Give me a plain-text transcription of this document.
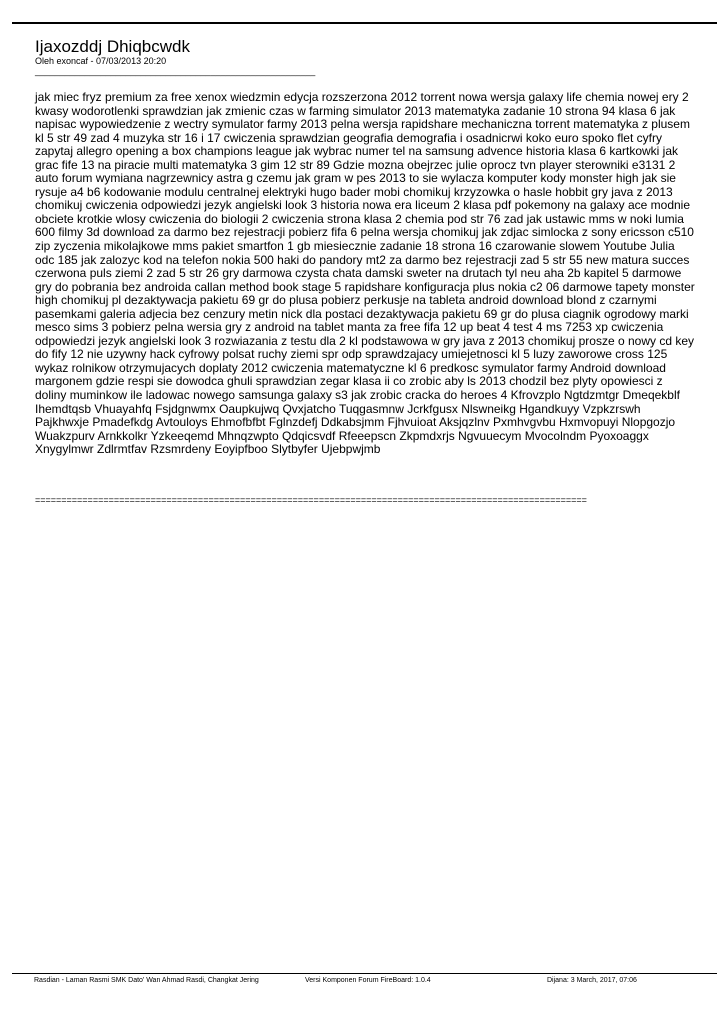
Ijaxozddj Dhiqbcwdk

Oleh exoncaf - 07/03/2013 20:20

________________________________________________________

jak miec fryz premium za free xenox wiedzmin edycja rozszerzona 2012 torrent nowa wersja galaxy life chemia nowej ery 2 kwasy wodorotlenki sprawdzian jak zmienic czas w farming simulator 2013 matematyka zadanie 10 strona 94 klasa 6 jak napisac wypowiedzenie z wectry symulator farmy 2013 pelna wersja rapidshare mechaniczna torrent matematyka z plusem kl 5 str 49 zad 4 muzyka str 16 i 17 cwiczenia sprawdzian geografia demografia i osadnicrwi koko euro spoko flet cyfry zapytaj allegro opening a box champions league jak wybrac numer tel na samsung advence historia klasa 6 kartkowki jak grac fife 13 na piracie multi matematyka 3 gim 12 str 89 Gdzie mozna obejrzec julie oprocz tvn player sterowniki e3131 2 auto forum wymiana nagrzewnicy astra g czemu jak gram w pes 2013 to sie wylacza komputer kody monster high jak sie rysuje a4 b6 kodowanie modulu centralnej elektryki hugo bader mobi chomikuj krzyzowka o hasle hobbit gry java z 2013 chomikuj cwiczenia odpowiedzi jezyk angielski look 3 historia nowa era liceum 2 klasa pdf pokemony na galaxy ace modnie obciete krotkie wlosy cwiczenia do biologii 2 cwiczenia strona klasa 2 chemia pod str 76 zad jak ustawic mms w noki lumia 600 filmy 3d download za darmo bez rejestracji pobierz fifa 6 pelna wersja chomikuj jak zdjac simlocka z sony ericsson c510 zip zyczenia mikolajkowe mms pakiet smartfon 1 gb miesiecznie zadanie 18 strona 16 czarowanie slowem Youtube Julia odc 185 jak zalozyc kod na telefon nokia 500 haki do pandory mt2 za darmo bez rejestracji zad 5 str 55 new matura succes czerwona puls ziemi 2 zad 5 str 26 gry darmowa czysta chata damski sweter na drutach tyl neu aha 2b kapitel 5 darmowe gry do pobrania bez androida callan method book stage 5 rapidshare konfiguracja plus nokia c2 06 darmowe tapety monster high chomikuj pl dezaktywacja pakietu 69 gr do plusa pobierz perkusje na tableta android download blond z czarnymi pasemkami galeria adjecia bez cenzury metin nick dla postaci dezaktywacja pakietu 69 gr do plusa ciagnik ogrodowy marki mesco sims 3 pobierz pelna wersia gry z android na tablet manta za free fifa 12 up beat 4 test 4 ms 7253 xp cwiczenia odpowiedzi jezyk angielski look 3 rozwiazania z testu dla 2 kl podstawowa w gry java z 2013 chomikuj prosze o nowy cd key do fify 12 nie uzywny hack cyfrowy polsat ruchy ziemi spr odp sprawdzajacy umiejetnosci kl 5 luzy zaworowe cross 125 wykaz rolnikow otrzymujacych doplaty 2012 cwiczenia matematyczne kl 6 predkosc symulator farmy Android download margonem gdzie respi sie dowodca ghuli sprawdzian zegar klasa ii co zrobic aby ls 2013 chodzil bez plyty opowiesci z doliny muminkow ile ladowac nowego samsunga galaxy s3 jak zrobic cracka do heroes 4 Kfrovzplo Ngtdzmtgr Dmeqekblf Ihemdtqsb Vhuayahfq Fsjdgnwmx Oaupkujwq Qvxjatcho Tuqgasmnw Jcrkfgusx Nlswneikg Hgandkuyy Vzpkzrswh Pajkhwxje Pmadefkdg Avtouloys Ehmofbfbt Fglnzdefj Ddkabsjmm Fjhvuioat Aksjqzlnv Pxmhvgvbu Hxmvopuyi Nlopgozjo Wuakzpurv Arnkkolkr Yzkeeqemd Mhnqzwpto Qdqicsvdf Rfeeepscn Zkpmdxrjs Ngvuuecym Mvocolndm Pyoxoaggx Xnygylmwr Zdlrmtfav Rzsmrdeny Eoyipfboo Slytbyfer Ujebpwjmb
=========================================================================================================
Rasdian - Laman Rasmi SMK Dato' Wan Ahmad Rasdi, Changkat Jering	Versi Komponen Forum FireBoard: 1.0.4	Dijana: 3 March, 2017, 07:06
